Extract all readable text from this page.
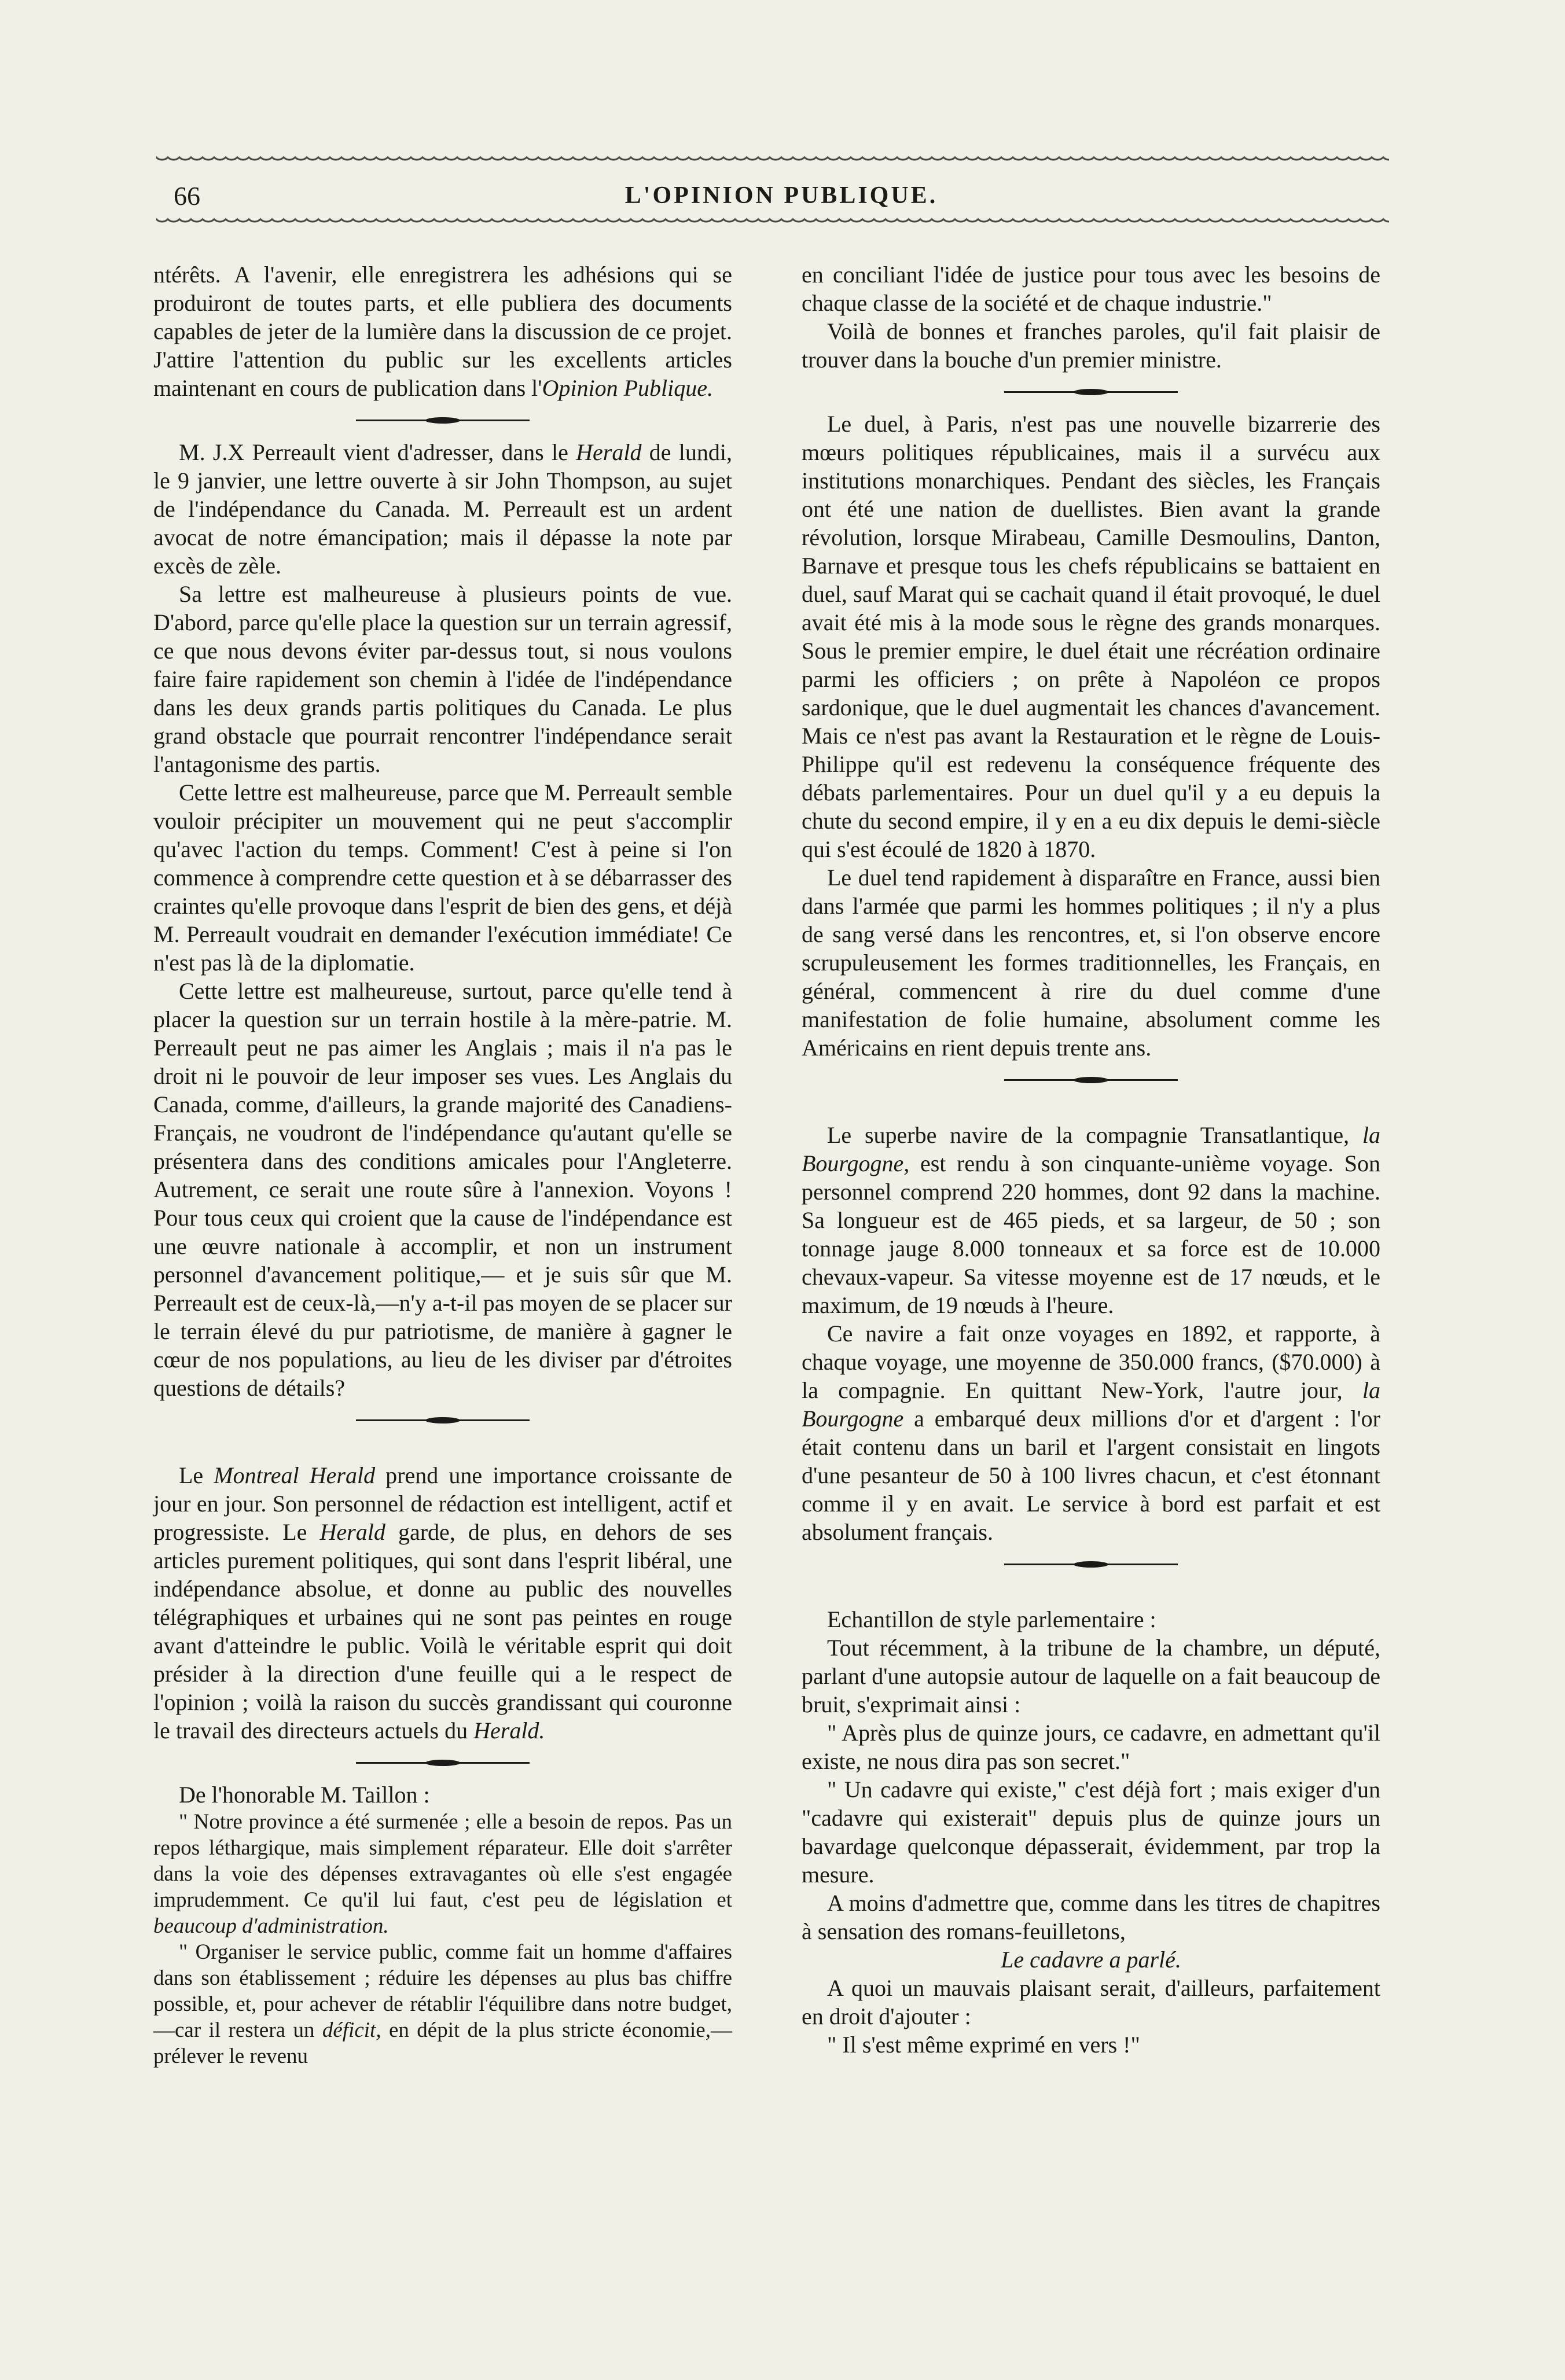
66	L'OPINION PUBLIQUE.

ntérêts. A l'avenir, elle enregistrera les adhésions qui se produiront de toutes parts, et elle publiera des documents capables de jeter de la lumière dans la discussion de ce projet. J'attire l'attention du public sur les excellents articles maintenant en cours de publication dans l'Opinion Publique.

M. J.X Perreault vient d'adresser, dans le Herald de lundi, le 9 janvier, une lettre ouverte à sir John Thompson, au sujet de l'indépendance du Canada. M. Perreault est un ardent avocat de notre émancipation; mais il dépasse la note par excès de zèle.

Sa lettre est malheureuse à plusieurs points de vue. D'abord, parce qu'elle place la question sur un terrain agressif, ce que nous devons éviter par-dessus tout, si nous voulons faire faire rapidement son chemin à l'idée de l'indépendance dans les deux grands partis politiques du Canada. Le plus grand obstacle que pourrait rencontrer l'indépendance serait l'antagonisme des partis.

Cette lettre est malheureuse, parce que M. Perreault semble vouloir précipiter un mouvement qui ne peut s'accomplir qu'avec l'action du temps. Comment! C'est à peine si l'on commence à comprendre cette question et à se débarrasser des craintes qu'elle provoque dans l'esprit de bien des gens, et déjà M. Perreault voudrait en demander l'exécution immédiate! Ce n'est pas là de la diplomatie.

Cette lettre est malheureuse, surtout, parce qu'elle tend à placer la question sur un terrain hostile à la mère-patrie. M. Perreault peut ne pas aimer les Anglais ; mais il n'a pas le droit ni le pouvoir de leur imposer ses vues. Les Anglais du Canada, comme, d'ailleurs, la grande majorité des Canadiens-Français, ne voudront de l'indépendance qu'autant qu'elle se présentera dans des conditions amicales pour l'Angleterre. Autrement, ce serait une route sûre à l'annexion. Voyons ! Pour tous ceux qui croient que la cause de l'indépendance est une œuvre nationale à accomplir, et non un instrument personnel d'avancement politique,— et je suis sûr que M. Perreault est de ceux-là,—n'y a-t-il pas moyen de se placer sur le terrain élevé du pur patriotisme, de manière à gagner le cœur de nos populations, au lieu de les diviser par d'étroites questions de détails?

Le Montreal Herald prend une importance croissante de jour en jour. Son personnel de rédaction est intelligent, actif et progressiste. Le Herald garde, de plus, en dehors de ses articles purement politiques, qui sont dans l'esprit libéral, une indépendance absolue, et donne au public des nouvelles télégraphiques et urbaines qui ne sont pas peintes en rouge avant d'atteindre le public. Voilà le véritable esprit qui doit présider à la direction d'une feuille qui a le respect de l'opinion ; voilà la raison du succès grandissant qui couronne le travail des directeurs actuels du Herald.

De l'honorable M. Taillon :

" Notre province a été surmenée ; elle a besoin de repos. Pas un repos léthargique, mais simplement réparateur. Elle doit s'arrêter dans la voie des dépenses extravagantes où elle s'est engagée imprudemment. Ce qu'il lui faut, c'est peu de législation et beaucoup d'administration.

" Organiser le service public, comme fait un homme d'affaires dans son établissement ; réduire les dépenses au plus bas chiffre possible, et, pour achever de rétablir l'équilibre dans notre budget,—car il restera un déficit, en dépit de la plus stricte économie,—prélever le revenu

en conciliant l'idée de justice pour tous avec les besoins de chaque classe de la société et de chaque industrie."

Voilà de bonnes et franches paroles, qu'il fait plaisir de trouver dans la bouche d'un premier ministre.

Le duel, à Paris, n'est pas une nouvelle bizarrerie des mœurs politiques républicaines, mais il a survécu aux institutions monarchiques. Pendant des siècles, les Français ont été une nation de duellistes. Bien avant la grande révolution, lorsque Mirabeau, Camille Desmoulins, Danton, Barnave et presque tous les chefs républicains se battaient en duel, sauf Marat qui se cachait quand il était provoqué, le duel avait été mis à la mode sous le règne des grands monarques. Sous le premier empire, le duel était une récréation ordinaire parmi les officiers ; on prête à Napoléon ce propos sardonique, que le duel augmentait les chances d'avancement. Mais ce n'est pas avant la Restauration et le règne de Louis-Philippe qu'il est redevenu la conséquence fréquente des débats parlementaires. Pour un duel qu'il y a eu depuis la chute du second empire, il y en a eu dix depuis le demi-siècle qui s'est écoulé de 1820 à 1870.

Le duel tend rapidement à disparaître en France, aussi bien dans l'armée que parmi les hommes politiques ; il n'y a plus de sang versé dans les rencontres, et, si l'on observe encore scrupuleusement les formes traditionnelles, les Français, en général, commencent à rire du duel comme d'une manifestation de folie humaine, absolument comme les Américains en rient depuis trente ans.

Le superbe navire de la compagnie Transatlantique, la Bourgogne, est rendu à son cinquante-unième voyage. Son personnel comprend 220 hommes, dont 92 dans la machine. Sa longueur est de 465 pieds, et sa largeur, de 50 ; son tonnage jauge 8.000 tonneaux et sa force est de 10.000 chevaux-vapeur. Sa vitesse moyenne est de 17 nœuds, et le maximum, de 19 nœuds à l'heure.

Ce navire a fait onze voyages en 1892, et rapporte, à chaque voyage, une moyenne de 350.000 francs, ($70.000) à la compagnie. En quittant New-York, l'autre jour, la Bourgogne a embarqué deux millions d'or et d'argent : l'or était contenu dans un baril et l'argent consistait en lingots d'une pesanteur de 50 à 100 livres chacun, et c'est étonnant comme il y en avait. Le service à bord est parfait et est absolument français.

Echantillon de style parlementaire :

Tout récemment, à la tribune de la chambre, un député, parlant d'une autopsie autour de laquelle on a fait beaucoup de bruit, s'exprimait ainsi :

" Après plus de quinze jours, ce cadavre, en admettant qu'il existe, ne nous dira pas son secret."

" Un cadavre qui existe," c'est déjà fort ; mais exiger d'un "cadavre qui existerait" depuis plus de quinze jours un bavardage quelconque dépasserait, évidemment, par trop la mesure.

A moins d'admettre que, comme dans les titres de chapitres à sensation des romans-feuilletons,

Le cadavre a parlé.

A quoi un mauvais plaisant serait, d'ailleurs, parfaitement en droit d'ajouter :

" Il s'est même exprimé en vers !"
